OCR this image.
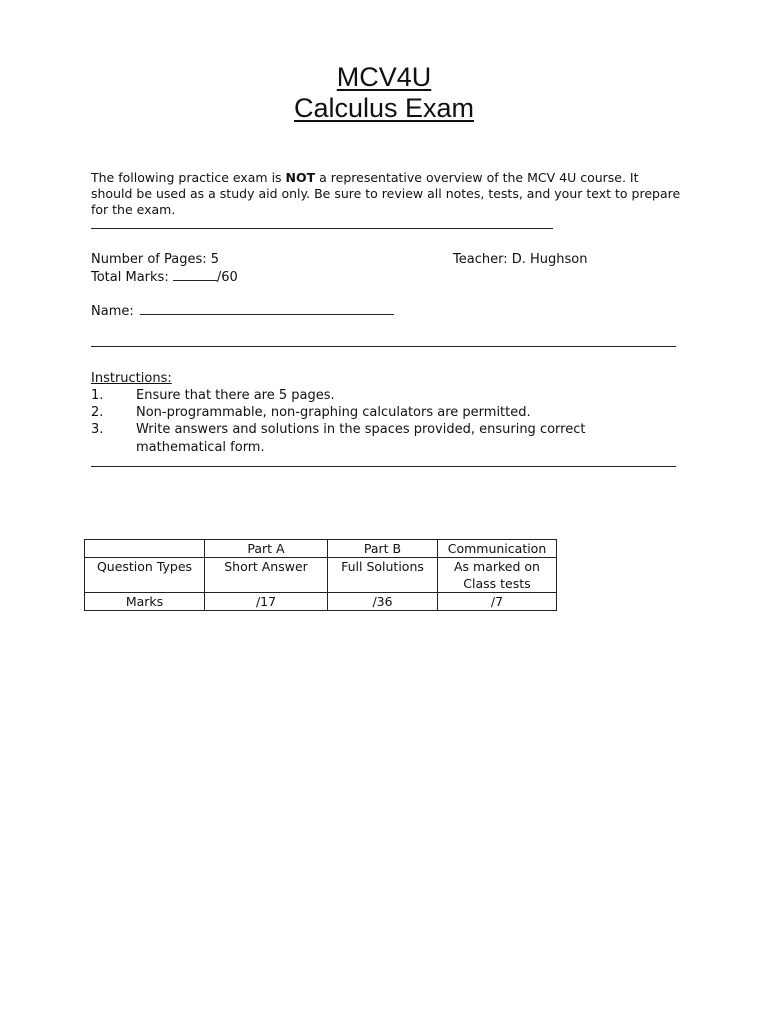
MCV4U
Calculus Exam
The following practice exam is NOT a representative overview of the MCV 4U course. It should be used as a study aid only. Be sure to review all notes, tests, and your text to prepare for the exam.
Number of Pages: 5	Teacher: D. Hughson
Total Marks:	/60
Name:
Instructions:
1.	Ensure that there are 5 pages.
2.	Non-programmable, non-graphing calculators are permitted.
3.	Write answers and solutions in the spaces provided, ensuring correct mathematical form.
	Part A	Part B	Communication
Question Types	Short Answer	Full Solutions	As marked on Class tests
Marks	/17	/36	/7
